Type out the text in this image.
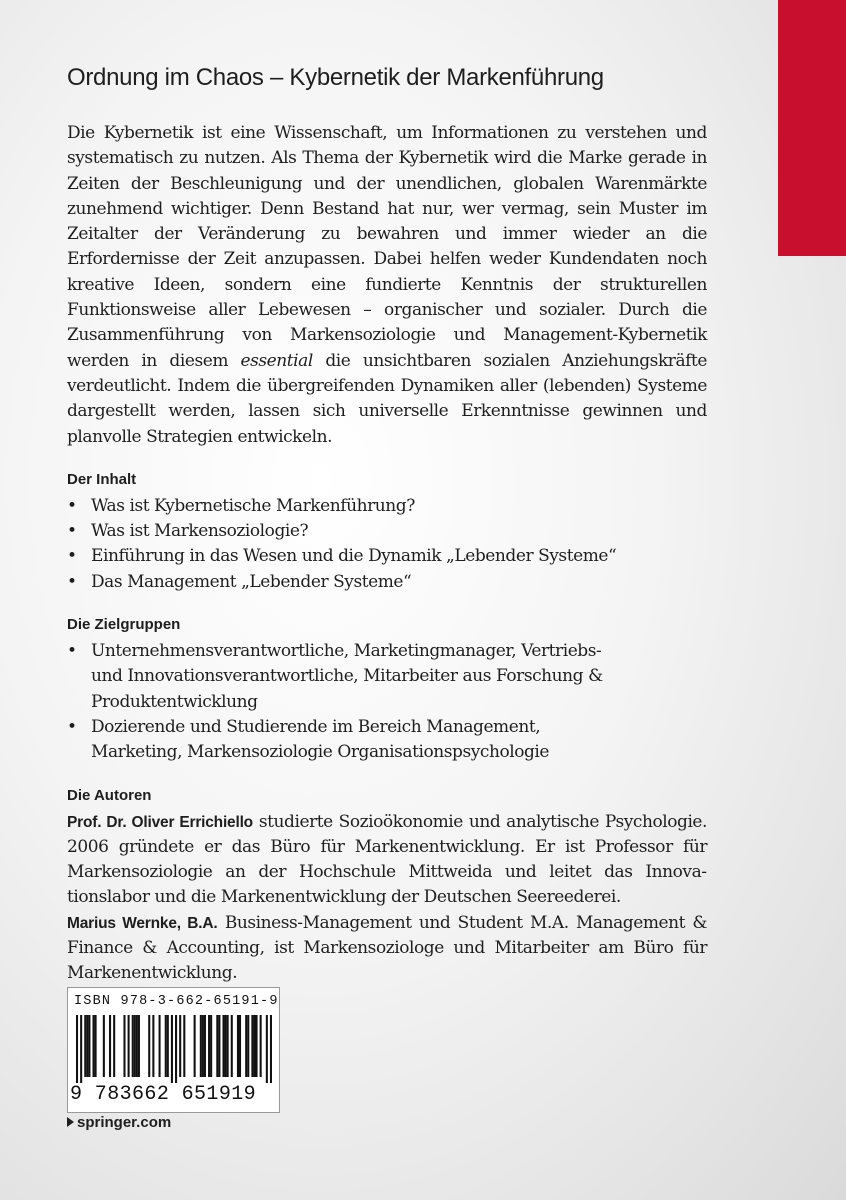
Ordnung im Chaos – Kybernetik der Markenführung

Die Kybernetik ist eine Wissenschaft, um Informationen zu verstehen und systematisch zu nutzen. Als Thema der Kybernetik wird die Marke gerade in Zeiten der Beschleunigung und der unendlichen, globalen Warenmärkte zunehmend wichtiger. Denn Bestand hat nur, wer vermag, sein Muster im Zeitalter der Veränderung zu bewahren und immer wieder an die Erfordernisse der Zeit anzupassen. Dabei helfen weder Kundendaten noch kreative Ideen, sondern eine fundierte Kenntnis der strukturellen Funktionsweise aller Lebewesen – organischer und sozialer. Durch die Zusammenführung von Markensoziologie und Management-Kybernetik werden in diesem essential die unsichtbaren sozialen Anziehungskräfte verdeutlicht. Indem die übergreifenden Dynamiken aller (lebenden) Systeme dargestellt werden, lassen sich universelle Erkenntnisse gewinnen und planvolle Strategien entwickeln.

Der Inhalt
• Was ist Kybernetische Markenführung?
• Was ist Markensoziologie?
• Einführung in das Wesen und die Dynamik „Lebender Systeme“
• Das Management „Lebender Systeme“
Die Zielgruppen
• Unternehmensverantwortliche, Marketingmanager, Vertriebs- und Innovationsverantwortliche, Mitarbeiter aus Forschung & Produktentwicklung
• Dozierende und Studierende im Bereich Management, Marketing, Markensoziologie Organisationspsychologie
Die Autoren

Prof. Dr. Oliver Errichiello studierte Sozioökonomie und analytische Psychologie. 2006 gründete er das Büro für Markenentwicklung. Er ist Professor für Markensoziologie an der Hochschule Mittweida und leitet das Innovationslabor und die Markenentwicklung der Deutschen Seereederei.

Marius Wernke, B.A. Business-Management und Student M.A. Management & Finance & Accounting, ist Markensoziologe und Mitarbeiter am Büro für Markenentwicklung.

ISBN 978-3-662-65191-9
9 783662 651919
springer.com
